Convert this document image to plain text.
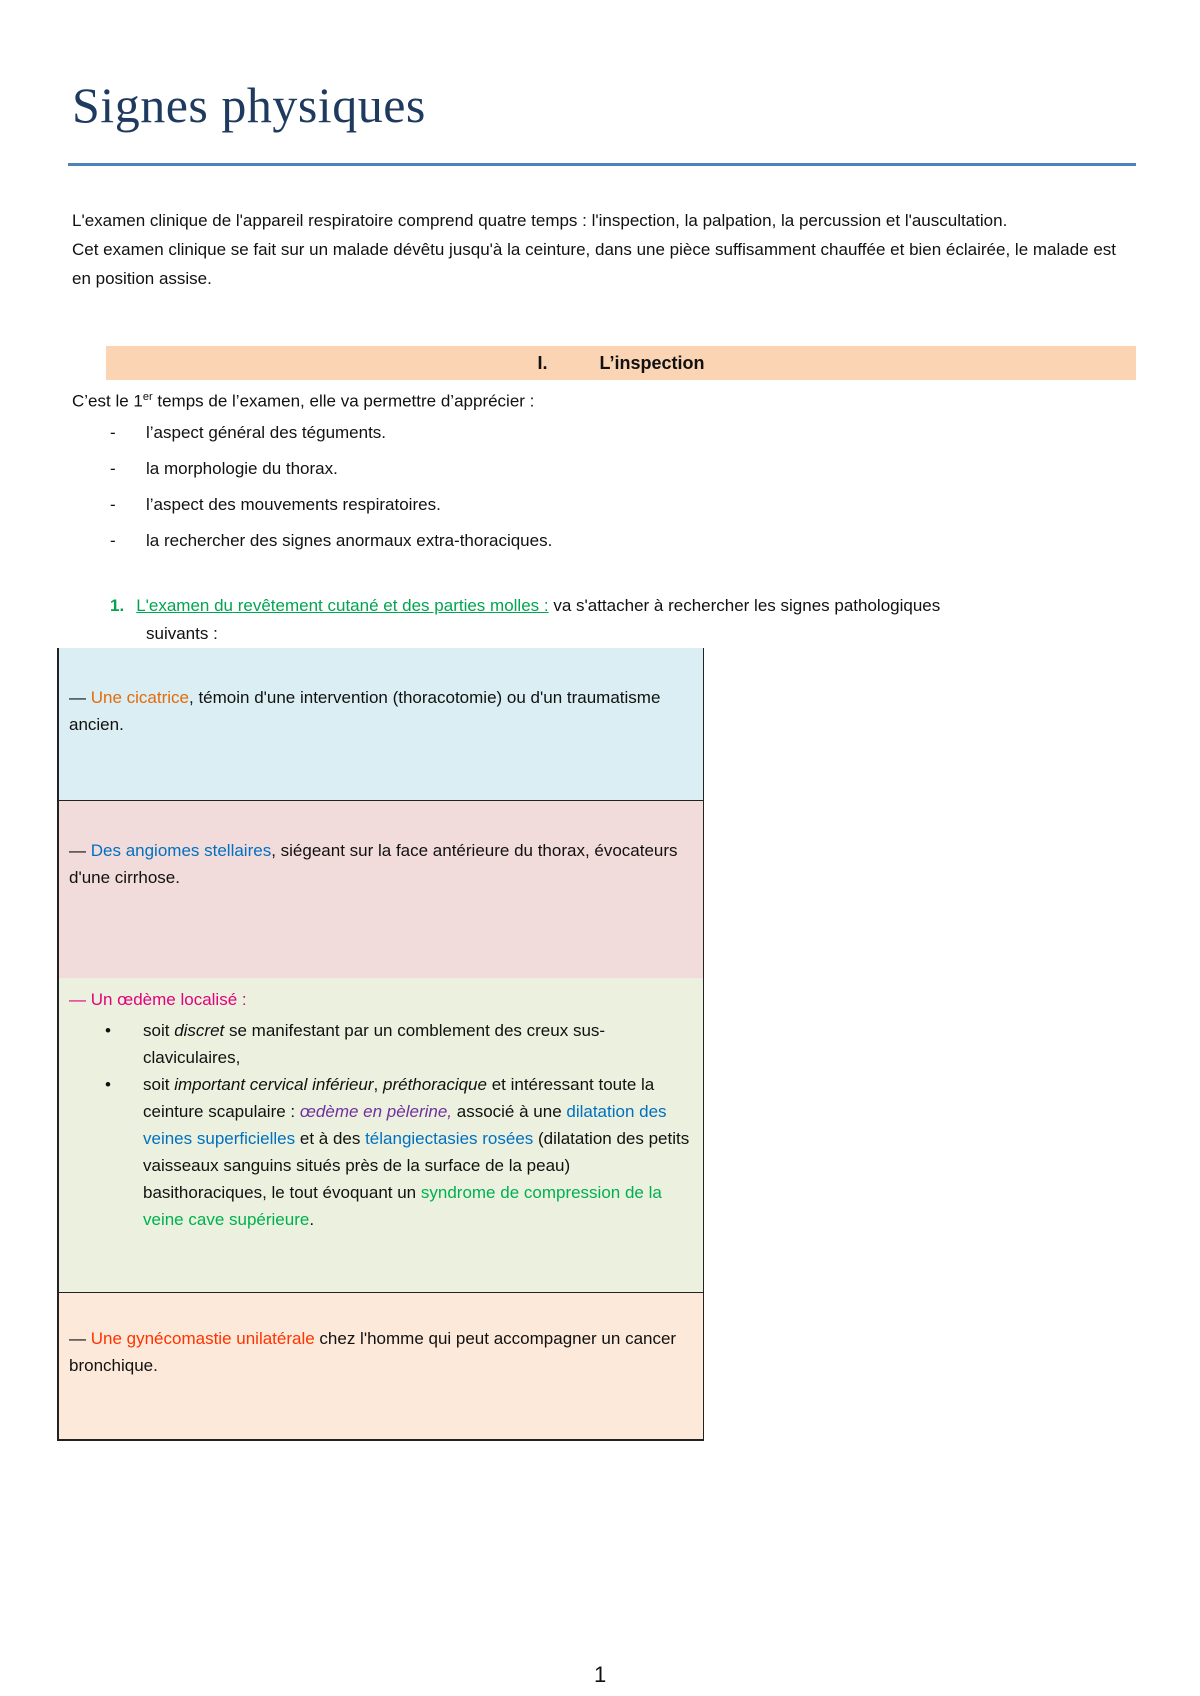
Signes physiques

L'examen clinique de l'appareil respiratoire comprend quatre temps : l'inspection, la palpation, la percussion et l'auscultation.

Cet examen clinique se fait sur un malade dévêtu jusqu'à la ceinture, dans une pièce suffisamment chauffée et bien éclairée, le malade est en position assise.

I.	L’inspection
C’est le 1er temps de l’examen, elle va permettre d’apprécier :
-	l’aspect général des téguments.
-	la morphologie du thorax.
-	l’aspect des mouvements respiratoires.
-	la rechercher des signes anormaux extra-thoraciques.
1. L'examen du revêtement cutané et des parties molles : va s'attacher à rechercher les signes pathologiques
suivants :
— Une cicatrice, témoin d'une intervention (thoracotomie) ou d'un traumatisme ancien.
— Des angiomes stellaires, siégeant sur la face antérieure du thorax, évocateurs d'une cirrhose.
— Un œdème localisé :
•	soit discret se manifestant par un comblement des creux sus-claviculaires,
•	soit important cervical inférieur, préthoracique et intéressant toute la ceinture scapulaire : œdème en pèlerine, associé à une dilatation des veines superficielles et à des télangiectasies rosées (dilatation des petits vaisseaux sanguins situés près de la surface de la peau) basithoraciques, le tout évoquant un syndrome de compression de la veine cave supérieure.
— Une gynécomastie unilatérale chez l'homme qui peut accompagner un cancer bronchique.
1
